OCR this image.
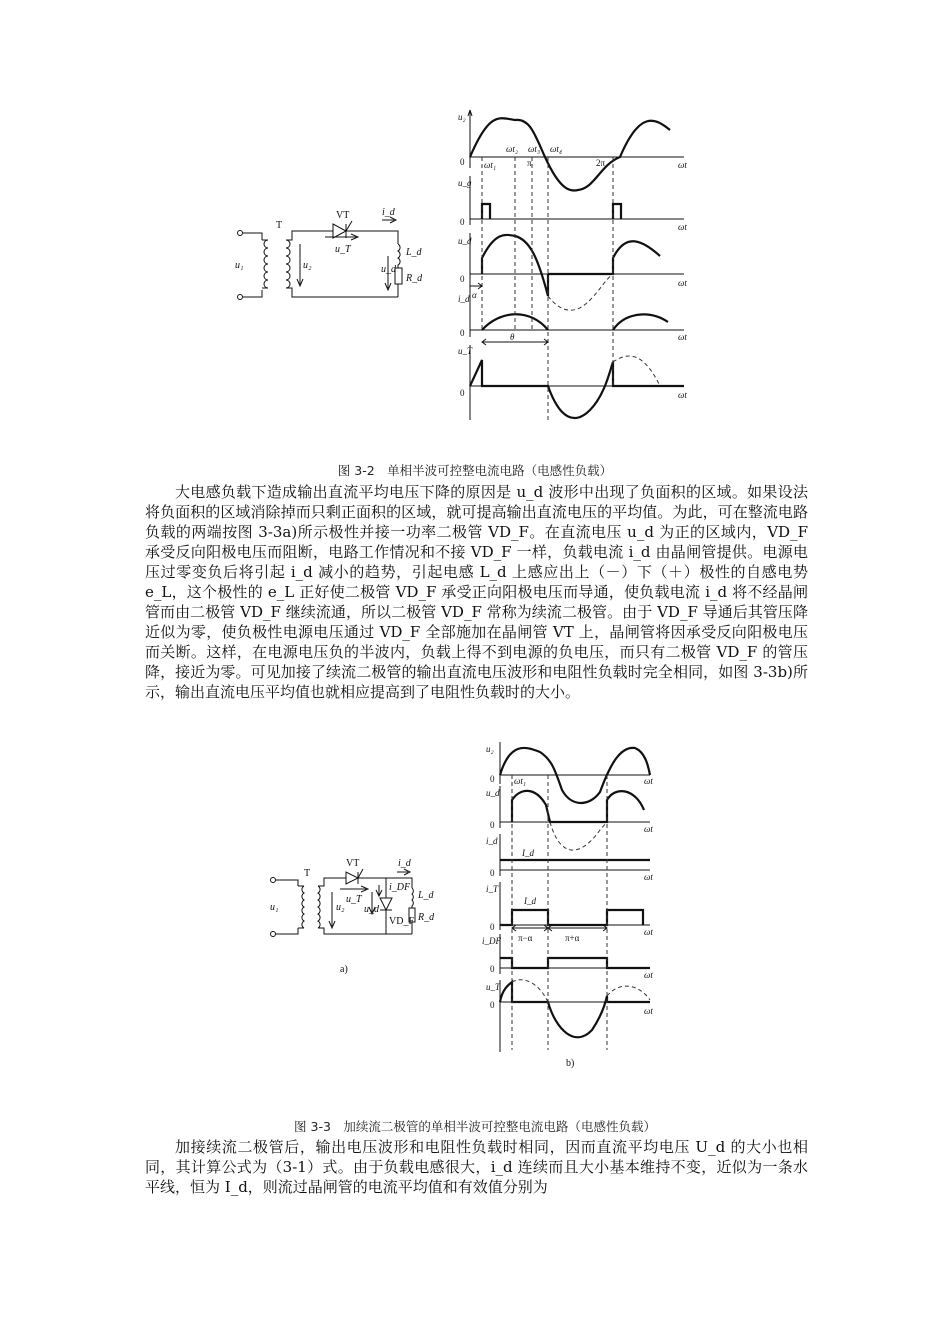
T
VT
u₁	u₂
u_T
i_d
L_d
u_d
R_d
u₂
u_g
u_d
i_d
u_T
ωt
ωt
ωt
ωt
ωt
0
0
0
0
0
ωt₁
ωt₂ ωt₃ ωt₄
π	2π
α
θ
图 3-2　单相半波可控整电流电路（电感性负载）

大电感负载下造成输出直流平均电压下降的原因是 u_d 波形中出现了负面积的区域。如果设法将负面积的区域消除掉而只剩正面积的区域，就可提高输出直流电压的平均值。为此，可在整流电路负载的两端按图 3-3a)所示极性并接一功率二极管 VD_F。在直流电压 u_d 为正的区域内，VD_F 承受反向阳极电压而阻断，电路工作情况和不接 VD_F 一样，负载电流 i_d 由晶闸管提供。电源电压过零变负后将引起 i_d 减小的趋势，引起电感 L_d 上感应出上（－）下（＋）极性的自感电势 e_L，这个极性的 e_L 正好使二极管 VD_F 承受正向阳极电压而导通，使负载电流 i_d 将不经晶闸管而由二极管 VD_F 继续流通，所以二极管 VD_F 常称为续流二极管。由于 VD_F 导通后其管压降近似为零，使负极性电源电压通过 VD_F 全部施加在晶闸管 VT 上，晶闸管将因承受反向阳极电压而关断。这样，在电源电压负的半波内，负载上得不到电源的负电压，而只有二极管 VD_F 的管压降，接近为零。可见加接了续流二极管的输出直流电压波形和电阻性负载时完全相同，如图 3-3b)所示，输出直流电压平均值也就相应提高到了电阻性负载时的大小。

T
VT
u₁	u₂
u_T
i_d
i_DF
L_d
u_d
VD_F R_d
a)
b)
u₂
u_d
i_d
i_T
i_DF
u_T
ωt
ωt
ωt
ωt
ωt
ωt
0
0
0
0
0
0
ωt₁
I_d
I_d
π−α	π+α
图 3-3　加续流二极管的单相半波可控整电流电路（电感性负载）

加接续流二极管后，输出电压波形和电阻性负载时相同，因而直流平均电压 U_d 的大小也相同，其计算公式为（3-1）式。由于负载电感很大，i_d 连续而且大小基本维持不变，近似为一条水平线，恒为 I_d，则流过晶闸管的电流平均值和有效值分别为
